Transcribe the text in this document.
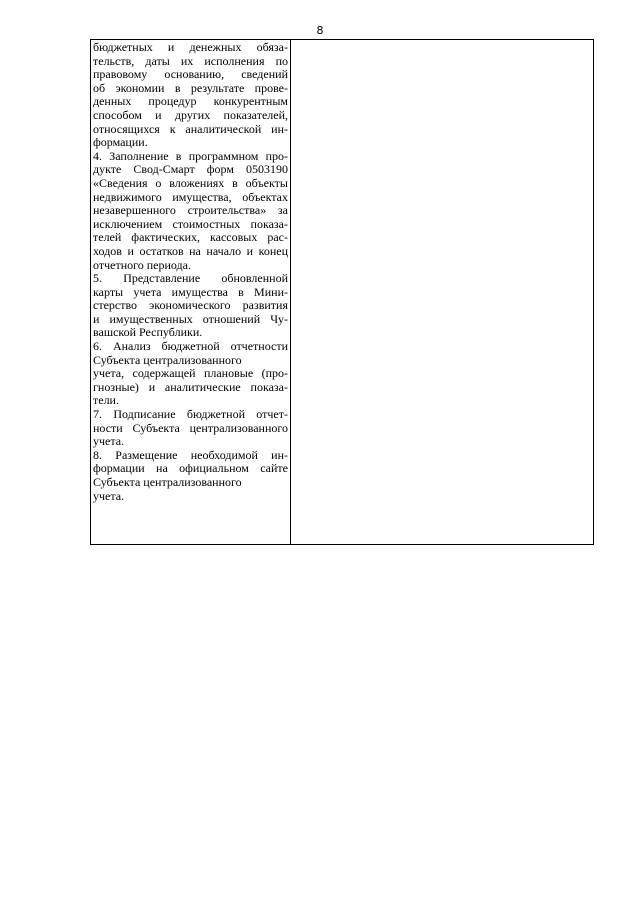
8
бюджетных и денежных обяза-
тельств, даты их исполнения по
правовому основанию, сведений
об экономии в результате прове-
денных процедур конкурентным
способом и других показателей,
относящихся к аналитической ин-
формации.
4. Заполнение в программном про-
дукте Свод-Смарт форм 0503190
«Сведения о вложениях в объекты
недвижимого имущества, объектах
незавершенного строительства» за
исключением стоимостных показа-
телей фактических, кассовых рас-
ходов и остатков на начало и конец
отчетного периода.
5. Представление обновленной
карты учета имущества в Мини-
стерство экономического развития
и имущественных отношений Чу-
вашской Республики.
6. Анализ бюджетной отчетности
Субъекта централизованного
учета, содержащей плановые (про-
гнозные) и аналитические показа-
тели.
7. Подписание бюджетной отчет-
ности Субъекта централизованного
учета.
8. Размещение необходимой ин-
формации на официальном сайте
Субъекта централизованного
учета.
